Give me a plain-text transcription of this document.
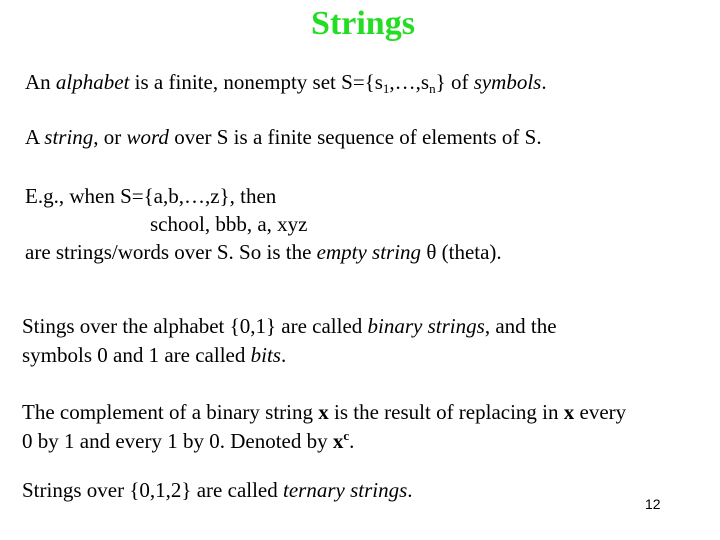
Strings
An alphabet is a finite, nonempty set $S=\{s_1,\dots,s_n\}$ of symbols.
A string, or word over S is a finite sequence of elements of S.
E.g., when S={a,b,…,z}, then
school, bbb, a, xyz
are strings/words over S. So is the empty string θ (theta).
Stings over the alphabet {0,1} are called binary strings, and the
symbols 0 and 1 are called bits.
The complement of a binary string x is the result of replacing in x every
0 by 1 and every 1 by 0. Denoted by $x^c$.
Strings over {0,1,2} are called ternary strings.
12
